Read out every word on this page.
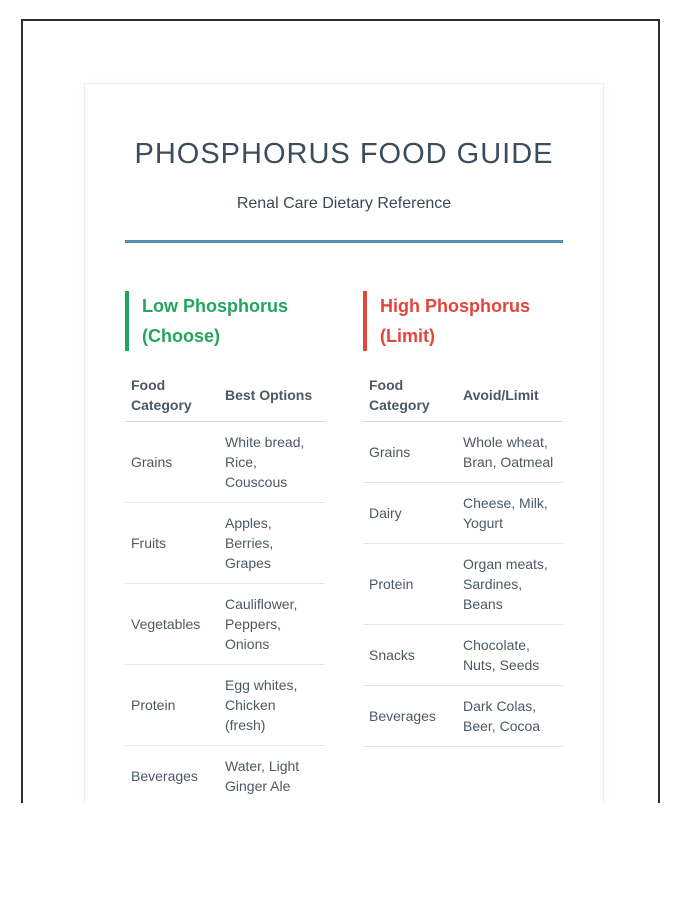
PHOSPHORUS FOOD GUIDE
Renal Care Dietary Reference
Low Phosphorus (Choose)
Food Category	Best Options
Grains	White bread, Rice, Couscous
Fruits	Apples, Berries, Grapes
Vegetables	Cauliflower, Peppers, Onions
Protein	Egg whites, Chicken (fresh)
Beverages	Water, Light Ginger Ale
High Phosphorus (Limit)
Food Category	Avoid/Limit
Grains	Whole wheat, Bran, Oatmeal
Dairy	Cheese, Milk, Yogurt
Protein	Organ meats, Sardines, Beans
Snacks	Chocolate, Nuts, Seeds
Beverages	Dark Colas, Beer, Cocoa
